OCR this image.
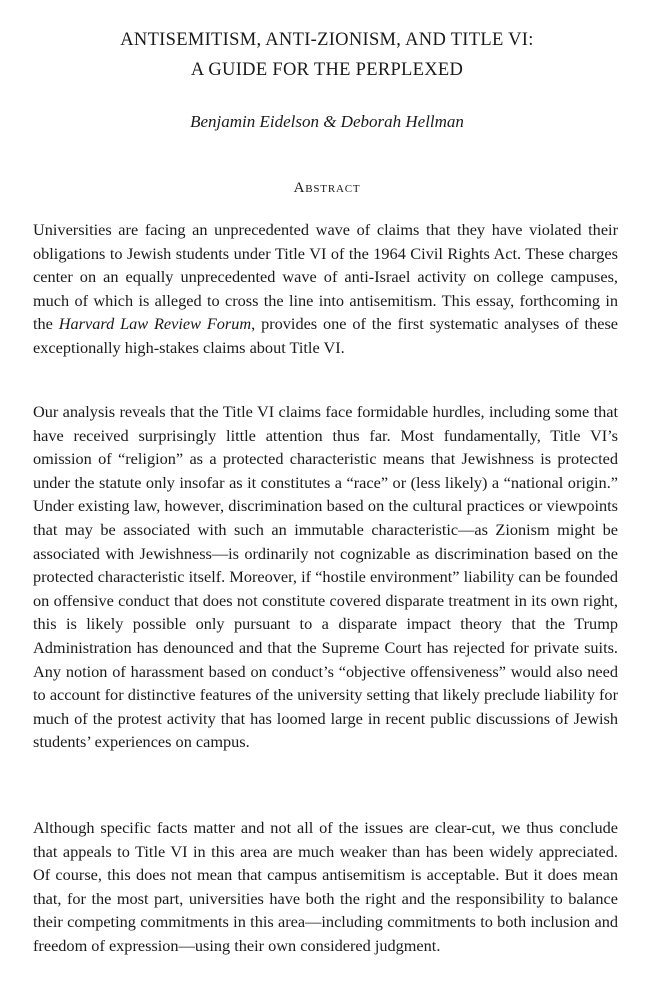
ANTISEMITISM, ANTI-ZIONISM, AND TITLE VI:
A GUIDE FOR THE PERPLEXED
Benjamin Eidelson & Deborah Hellman
Abstract

Universities are facing an unprecedented wave of claims that they have violated their obligations to Jewish students under Title VI of the 1964 Civil Rights Act. These charges center on an equally unprecedented wave of anti-Israel activity on college campuses, much of which is alleged to cross the line into antisemitism. This essay, forthcoming in the Harvard Law Review Forum, provides one of the first systematic analyses of these exceptionally high-stakes claims about Title VI.

Our analysis reveals that the Title VI claims face formidable hurdles, including some that have received surprisingly little attention thus far. Most fundamentally, Title VI’s omission of “religion” as a protected characteristic means that Jewishness is protected under the statute only insofar as it constitutes a “race” or (less likely) a “national origin.” Under existing law, however, discrimination based on the cultural practices or viewpoints that may be associated with such an immutable characteristic—as Zionism might be associated with Jewishness—is ordinarily not cognizable as discrimination based on the protected characteristic itself. Moreover, if “hostile environment” liability can be founded on offensive conduct that does not constitute covered disparate treatment in its own right, this is likely possible only pursuant to a disparate impact theory that the Trump Administration has denounced and that the Supreme Court has rejected for private suits. Any notion of harassment based on conduct’s “objective offensiveness” would also need to account for distinctive features of the university setting that likely preclude liability for much of the protest activity that has loomed large in recent public discussions of Jewish students’ experiences on campus.

Although specific facts matter and not all of the issues are clear-cut, we thus conclude that appeals to Title VI in this area are much weaker than has been widely appreciated. Of course, this does not mean that campus antisemitism is acceptable. But it does mean that, for the most part, universities have both the right and the responsibility to balance their competing commitments in this area—including commitments to both inclusion and freedom of expression—using their own considered judgment.
